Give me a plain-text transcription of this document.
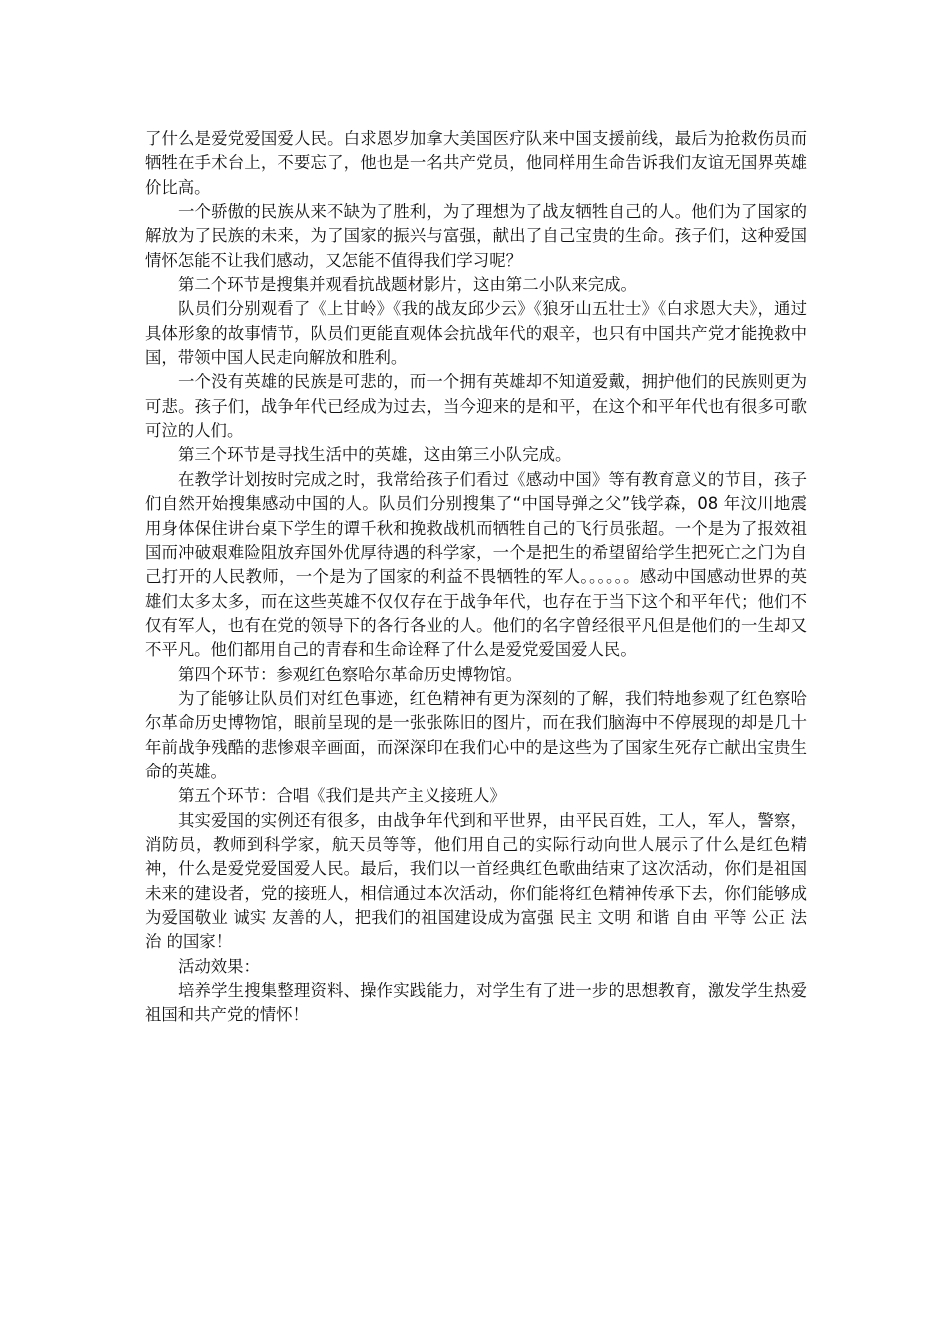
了什么是爱党爱国爱人民。白求恩岁加拿大美国医疗队来中国支援前线，最后为抢救伤员而牺牲在手术台上，不要忘了，他也是一名共产党员，他同样用生命告诉我们友谊无国界英雄价比高。

一个骄傲的民族从来不缺为了胜利，为了理想为了战友牺牲自己的人。他们为了国家的解放为了民族的未来，为了国家的振兴与富强，献出了自己宝贵的生命。孩子们，这种爱国情怀怎能不让我们感动，又怎能不值得我们学习呢？

第二个环节是搜集并观看抗战题材影片，这由第二小队来完成。

队员们分别观看了《上甘岭》《我的战友邱少云》《狼牙山五壮士》《白求恩大夫》，通过具体形象的故事情节，队员们更能直观体会抗战年代的艰辛，也只有中国共产党才能挽救中国，带领中国人民走向解放和胜利。

一个没有英雄的民族是可悲的，而一个拥有英雄却不知道爱戴，拥护他们的民族则更为可悲。孩子们，战争年代已经成为过去，当今迎来的是和平，在这个和平年代也有很多可歌可泣的人们。

第三个环节是寻找生活中的英雄，这由第三小队完成。

在教学计划按时完成之时，我常给孩子们看过《感动中国》等有教育意义的节目，孩子们自然开始搜集感动中国的人。队员们分别搜集了“中国导弹之父”钱学森，08 年汶川地震用身体保住讲台桌下学生的谭千秋和挽救战机而牺牲自己的飞行员张超。一个是为了报效祖国而冲破艰难险阻放弃国外优厚待遇的科学家，一个是把生的希望留给学生把死亡之门为自己打开的人民教师，一个是为了国家的利益不畏牺牲的军人。。。。。。感动中国感动世界的英雄们太多太多，而在这些英雄不仅仅存在于战争年代，也存在于当下这个和平年代；他们不仅有军人，也有在党的领导下的各行各业的人。他们的名字曾经很平凡但是他们的一生却又不平凡。他们都用自己的青春和生命诠释了什么是爱党爱国爱人民。

第四个环节：参观红色察哈尔革命历史博物馆。

为了能够让队员们对红色事迹，红色精神有更为深刻的了解，我们特地参观了红色察哈尔革命历史博物馆，眼前呈现的是一张张陈旧的图片，而在我们脑海中不停展现的却是几十年前战争残酷的悲惨艰辛画面，而深深印在我们心中的是这些为了国家生死存亡献出宝贵生命的英雄。

第五个环节：合唱《我们是共产主义接班人》

其实爱国的实例还有很多，由战争年代到和平世界，由平民百姓，工人，军人，警察，消防员，教师到科学家，航天员等等，他们用自己的实际行动向世人展示了什么是红色精神，什么是爱党爱国爱人民。最后，我们以一首经典红色歌曲结束了这次活动，你们是祖国未来的建设者，党的接班人，相信通过本次活动，你们能将红色精神传承下去，你们能够成为爱国敬业 诚实 友善的人，把我们的祖国建设成为富强 民主 文明 和谐 自由 平等 公正 法治 的国家！

活动效果：

培养学生搜集整理资料、操作实践能力，对学生有了进一步的思想教育，激发学生热爱祖国和共产党的情怀！
